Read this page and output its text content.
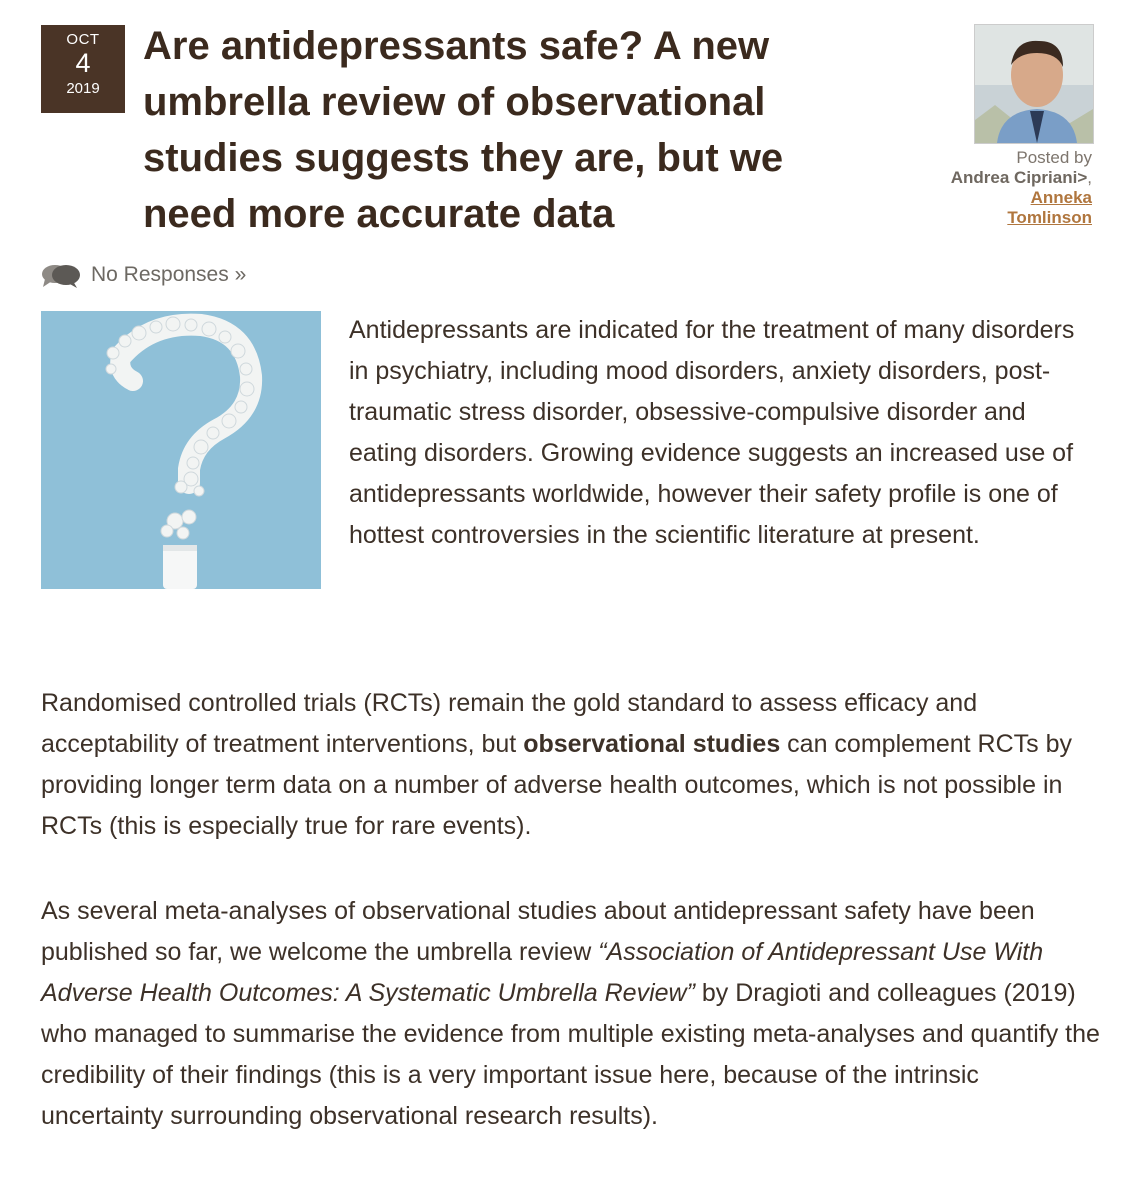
OCT
4
2019
Are antidepressants safe? A new umbrella review of observational studies suggests they are, but we need more accurate data
Posted by
Andrea Cipriani>,
Anneka
Tomlinson
No Responses »

Antidepressants are indicated for the treatment of many disorders in psychiatry, including mood disorders, anxiety disorders, post-traumatic stress disorder, obsessive-compulsive disorder and eating disorders. Growing evidence suggests an increased use of antidepressants worldwide, however their safety profile is one of hottest controversies in the scientific literature at present.

Randomised controlled trials (RCTs) remain the gold standard to assess efficacy and acceptability of treatment interventions, but observational studies can complement RCTs by providing longer term data on a number of adverse health outcomes, which is not possible in RCTs (this is especially true for rare events).

As several meta-analyses of observational studies about antidepressant safety have been published so far, we welcome the umbrella review “Association of Antidepressant Use With Adverse Health Outcomes: A Systematic Umbrella Review” by Dragioti and colleagues (2019) who managed to summarise the evidence from multiple existing meta-analyses and quantify the credibility of their findings (this is a very important issue here, because of the intrinsic uncertainty surrounding observational research results).
